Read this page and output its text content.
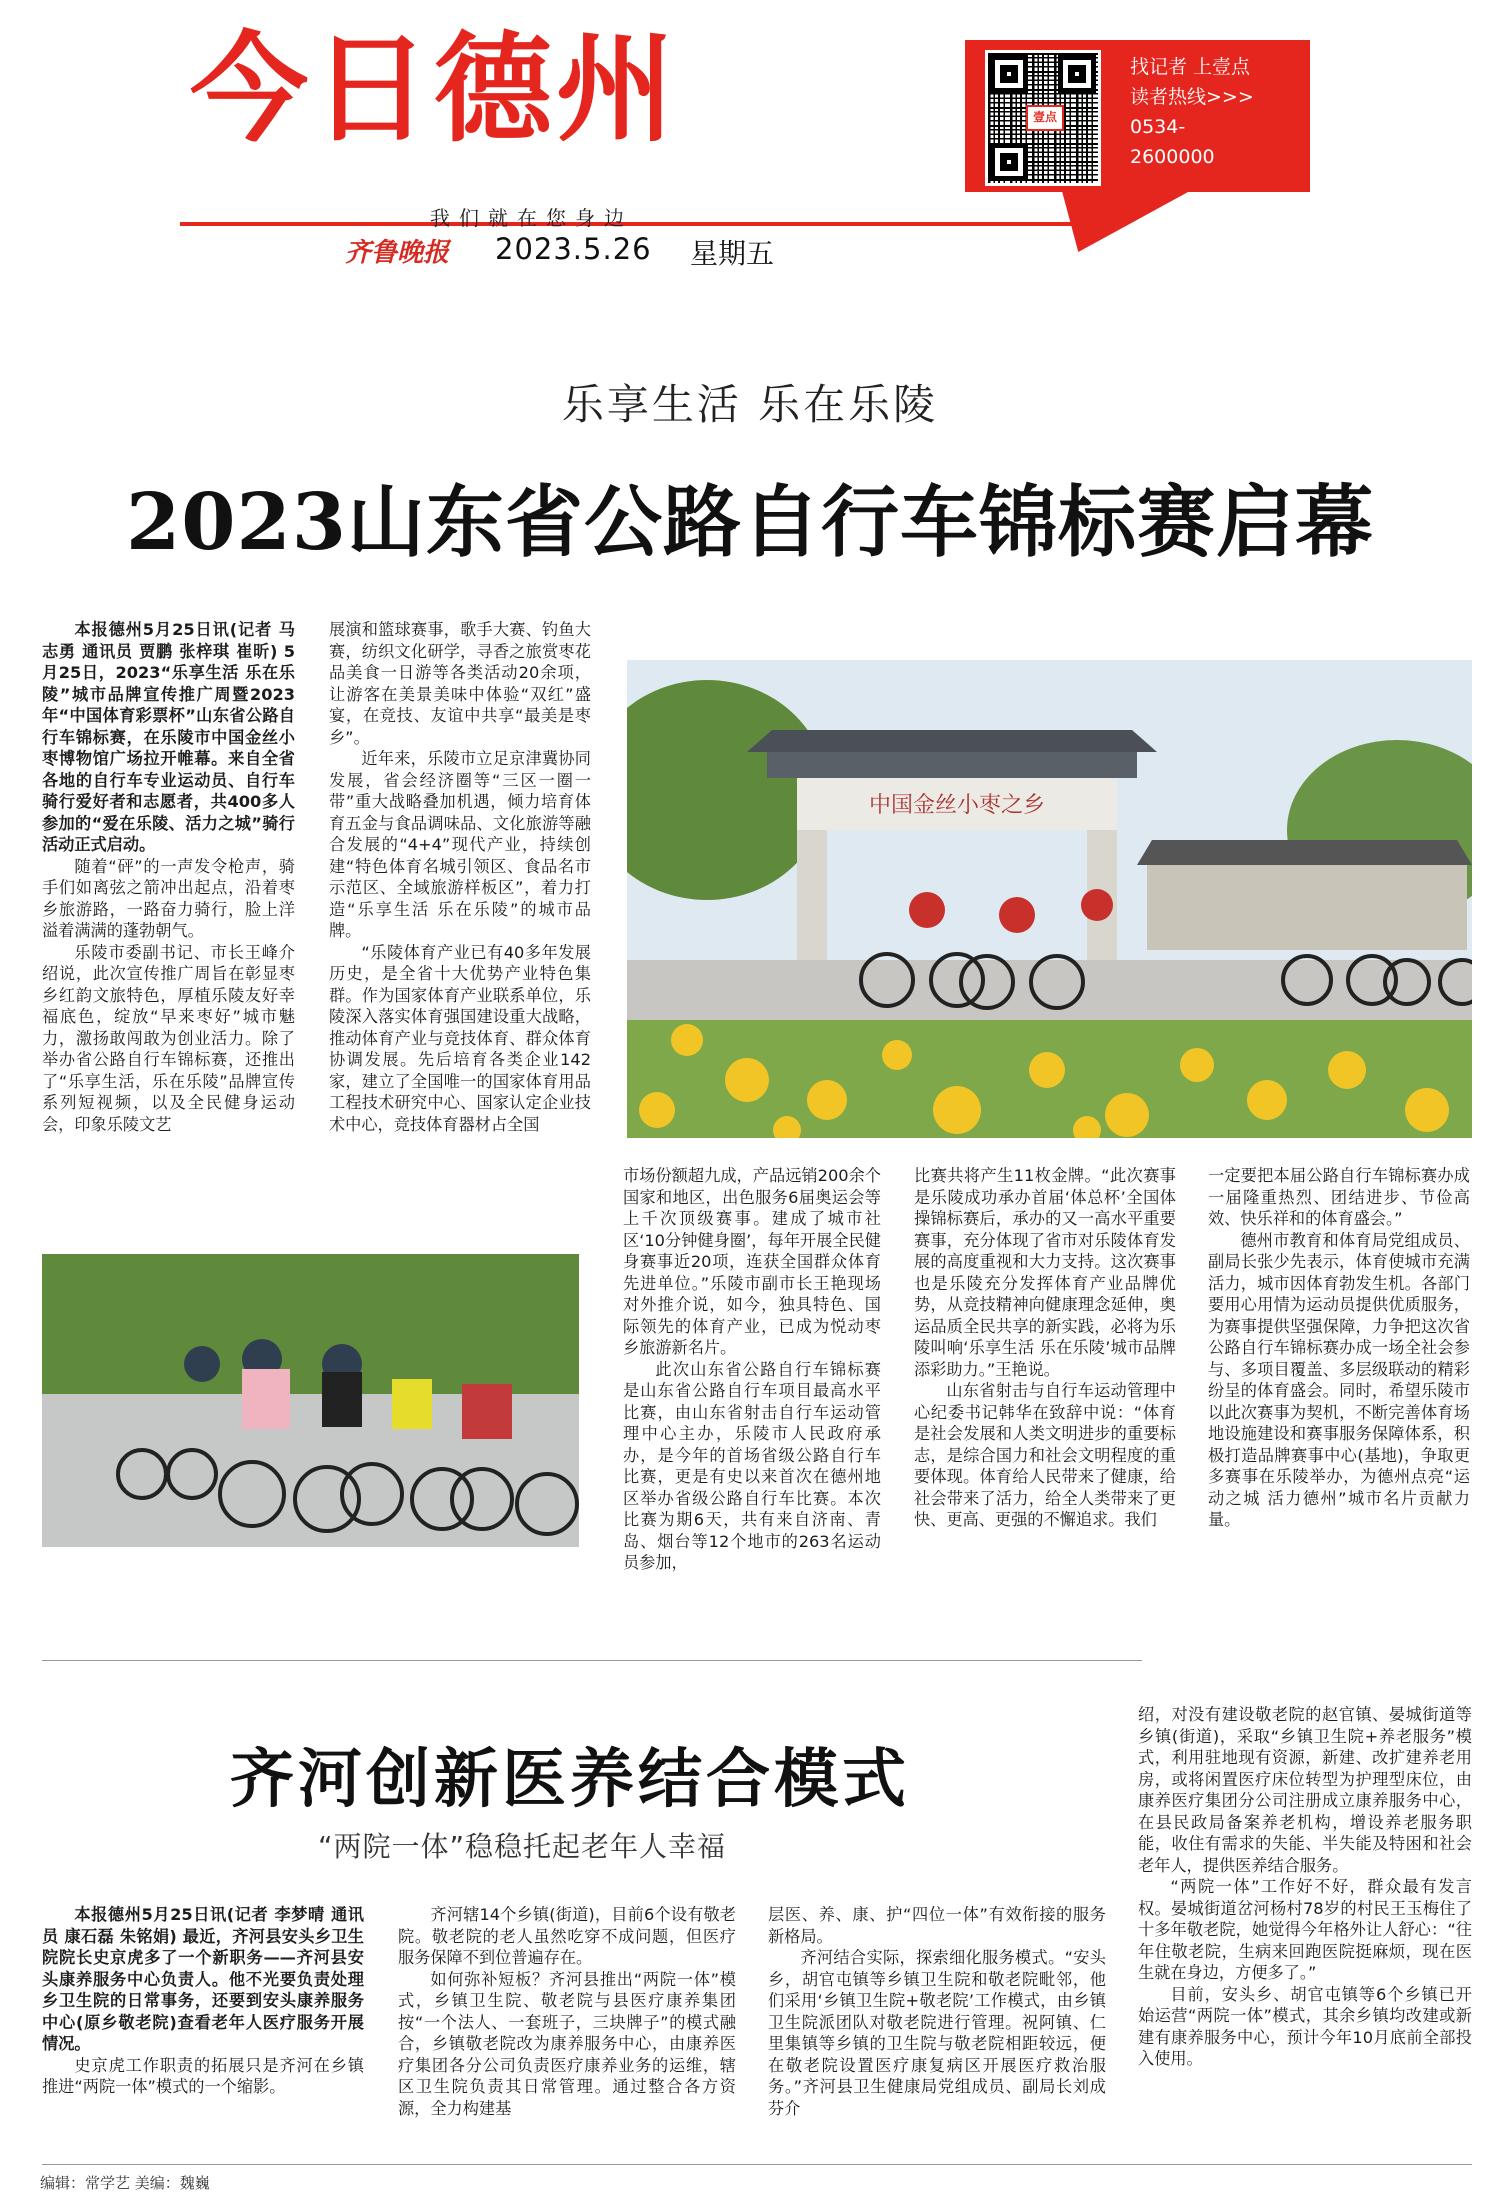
今日德州	壹点
找记者 上壹点
读者热线>>>
0534-
2600000
我们就在您身边
齐鲁晚报 2023.5.26 星期五
乐享生活 乐在乐陵
2023山东省公路自行车锦标赛启幕
中国金丝小枣之乡

本报德州5月25日讯(记者 马志勇 通讯员 贾鹏 张梓琪 崔昕) 5月25日，2023“乐享生活 乐在乐陵”城市品牌宣传推广周暨2023年“中国体育彩票杯”山东省公路自行车锦标赛，在乐陵市中国金丝小枣博物馆广场拉开帷幕。来自全省各地的自行车专业运动员、自行车骑行爱好者和志愿者，共400多人参加的“爱在乐陵、活力之城”骑行活动正式启动。

随着“砰”的一声发令枪声，骑手们如离弦之箭冲出起点，沿着枣乡旅游路，一路奋力骑行，脸上洋溢着满满的蓬勃朝气。

乐陵市委副书记、市长王峰介绍说，此次宣传推广周旨在彰显枣乡红韵文旅特色，厚植乐陵友好幸福底色，绽放“早来枣好”城市魅力，激扬敢闯敢为创业活力。除了举办省公路自行车锦标赛，还推出了“乐享生活，乐在乐陵”品牌宣传系列短视频，以及全民健身运动会，印象乐陵文艺

展演和篮球赛事，歌手大赛、钓鱼大赛，纺织文化研学，寻香之旅赏枣花品美食一日游等各类活动20余项，让游客在美景美味中体验“双红”盛宴，在竞技、友谊中共享“最美是枣乡”。

近年来，乐陵市立足京津冀协同发展，省会经济圈等“三区一圈一带”重大战略叠加机遇，倾力培育体育五金与食品调味品、文化旅游等融合发展的“4+4”现代产业，持续创建“特色体育名城引领区、食品名市示范区、全域旅游样板区”，着力打造“乐享生活 乐在乐陵”的城市品牌。

“乐陵体育产业已有40多年发展历史，是全省十大优势产业特色集群。作为国家体育产业联系单位，乐陵深入落实体育强国建设重大战略，推动体育产业与竞技体育、群众体育协调发展。先后培育各类企业142家，建立了全国唯一的国家体育用品工程技术研究中心、国家认定企业技术中心，竞技体育器材占全国

市场份额超九成，产品远销200余个国家和地区，出色服务6届奥运会等上千次顶级赛事。建成了城市社区‘10分钟健身圈’，每年开展全民健身赛事近20项，连获全国群众体育先进单位。”乐陵市副市长王艳现场对外推介说，如今，独具特色、国际领先的体育产业，已成为悦动枣乡旅游新名片。

此次山东省公路自行车锦标赛是山东省公路自行车项目最高水平比赛，由山东省射击自行车运动管理中心主办，乐陵市人民政府承办，是今年的首场省级公路自行车比赛，更是有史以来首次在德州地区举办省级公路自行车比赛。本次比赛为期6天，共有来自济南、青岛、烟台等12个地市的263名运动员参加，

比赛共将产生11枚金牌。“此次赛事是乐陵成功承办首届‘体总杯’全国体操锦标赛后，承办的又一高水平重要赛事，充分体现了省市对乐陵体育发展的高度重视和大力支持。这次赛事也是乐陵充分发挥体育产业品牌优势，从竞技精神向健康理念延伸，奥运品质全民共享的新实践，必将为乐陵叫响‘乐享生活 乐在乐陵’城市品牌添彩助力。”王艳说。

山东省射击与自行车运动管理中心纪委书记韩华在致辞中说：“体育是社会发展和人类文明进步的重要标志，是综合国力和社会文明程度的重要体现。体育给人民带来了健康，给社会带来了活力，给全人类带来了更快、更高、更强的不懈追求。我们

一定要把本届公路自行车锦标赛办成一届隆重热烈、团结进步、节俭高效、快乐祥和的体育盛会。”

德州市教育和体育局党组成员、副局长张少先表示，体育使城市充满活力，城市因体育勃发生机。各部门要用心用情为运动员提供优质服务，为赛事提供坚强保障，力争把这次省公路自行车锦标赛办成一场全社会参与、多项目覆盖、多层级联动的精彩纷呈的体育盛会。同时，希望乐陵市以此次赛事为契机，不断完善体育场地设施建设和赛事服务保障体系，积极打造品牌赛事中心(基地)，争取更多赛事在乐陵举办，为德州点亮“运动之城 活力德州”城市名片贡献力量。

齐河创新医养结合模式
“两院一体”稳稳托起老年人幸福

本报德州5月25日讯(记者 李梦晴 通讯员 康石磊 朱铭娟) 最近，齐河县安头乡卫生院院长史京虎多了一个新职务——齐河县安头康养服务中心负责人。他不光要负责处理乡卫生院的日常事务，还要到安头康养服务中心(原乡敬老院)查看老年人医疗服务开展情况。

史京虎工作职责的拓展只是齐河在乡镇推进“两院一体”模式的一个缩影。

齐河辖14个乡镇(街道)，目前6个设有敬老院。敬老院的老人虽然吃穿不成问题，但医疗服务保障不到位普遍存在。

如何弥补短板？齐河县推出“两院一体”模式，乡镇卫生院、敬老院与县医疗康养集团按“一个法人、一套班子，三块牌子”的模式融合，乡镇敬老院改为康养服务中心，由康养医疗集团各分公司负责医疗康养业务的运维，辖区卫生院负责其日常管理。通过整合各方资源，全力构建基

层医、养、康、护“四位一体”有效衔接的服务新格局。

齐河结合实际，探索细化服务模式。“安头乡，胡官屯镇等乡镇卫生院和敬老院毗邻，他们采用‘乡镇卫生院+敬老院’工作模式，由乡镇卫生院派团队对敬老院进行管理。祝阿镇、仁里集镇等乡镇的卫生院与敬老院相距较远，便在敬老院设置医疗康复病区开展医疗救治服务。”齐河县卫生健康局党组成员、副局长刘成芬介

绍，对没有建设敬老院的赵官镇、晏城街道等乡镇(街道)，采取“乡镇卫生院+养老服务”模式，利用驻地现有资源，新建、改扩建养老用房，或将闲置医疗床位转型为护理型床位，由康养医疗集团分公司注册成立康养服务中心，在县民政局备案养老机构，增设养老服务职能，收住有需求的失能、半失能及特困和社会老年人，提供医养结合服务。

“两院一体”工作好不好，群众最有发言权。晏城街道岔河杨村78岁的村民王玉梅住了十多年敬老院，她觉得今年格外让人舒心：“往年住敬老院，生病来回跑医院挺麻烦，现在医生就在身边，方便多了。”

目前，安头乡、胡官屯镇等6个乡镇已开始运营“两院一体”模式，其余乡镇均改建或新建有康养服务中心，预计今年10月底前全部投入使用。

编辑：常学艺 美编：魏巍
